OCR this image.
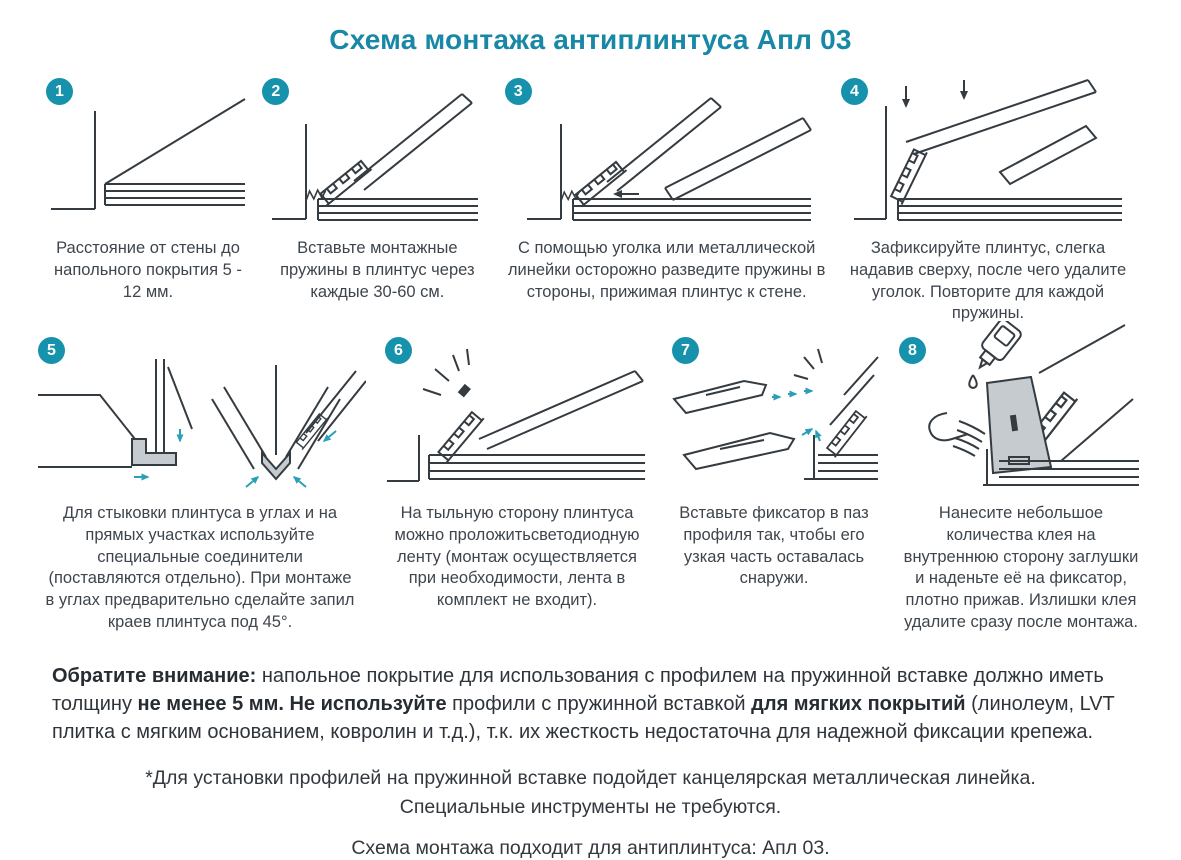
Схема монтажа антиплинтуса Апл 03
1

Расстояние от стены до напольного покрытия 5 - 12 мм.

2

Вставьте монтажные пружины в плинтус через каждые 30-60 см.

3

С помощью уголка или металлической линейки осторожно разведите пружины в стороны, прижимая плинтус к стене.

4

Зафиксируйте плинтус, слегка надавив сверху, после чего удалите уголок. Повторите для каждой пружины.

5

Для стыковки плинтуса в углах и на прямых участках используйте специальные соединители (поставляются отдельно). При монтаже в углах предварительно сделайте запил краев плинтуса под 45°.

6

На тыльную сторону плинтуса можно проложитьсветодиодную ленту (монтаж осуществляется при необходимости, лента в комплект не входит).

7

Вставьте фиксатор в паз профиля так, чтобы его узкая часть оставалась снаружи.

8

Нанесите небольшое количества клея на внутреннюю сторону заглушки и наденьте её на фиксатор, плотно прижав. Излишки клея удалите сразу после монтажа.

Обратите внимание: напольное покрытие для использования с профилем на пружинной вставке должно иметь толщину не менее 5 мм. Не используйте профили с пружинной вставкой для мягких покрытий (линолеум, LVT плитка с мягким основанием, ковролин и т.д.), т.к. их жесткость недостаточна для надежной фиксации крепежа.

*Для установки профилей на пружинной вставке подойдет канцелярская металлическая линейка.
Специальные инструменты не требуются.

Схема монтажа подходит для антиплинтуса: Апл 03.
